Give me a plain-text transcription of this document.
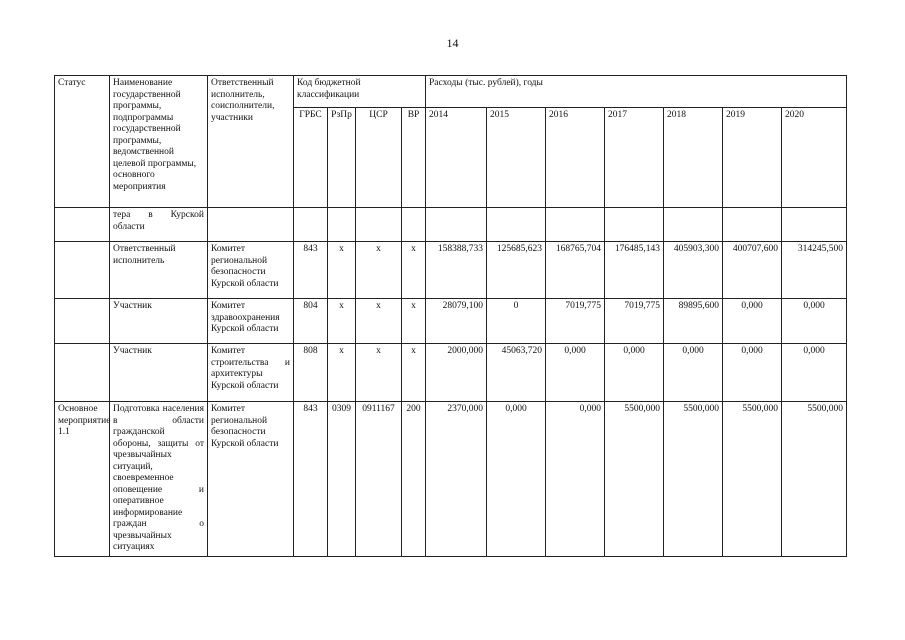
14
Статус	Наименование государственной программы, подпрограммы государственной программы, ведомственной целевой программы, основного мероприятия	Ответственный исполнитель, соисполнители, участники	Код бюджетной классификации				Расходы (тыс. рублей), годы						
			ГРБС	РзПр	ЦСР	ВР	2014	2015	2016	2017	2018	2019	2020
	тера в Курской области												
	Ответственный исполнитель	Комитет региональной безопасности Курской области	843	x	x	x	158388,733	125685,623	168765,704	176485,143	405903,300	400707,600	314245,500
	Участник	Комитет здравоохранения Курской области	804	x	x	x	28079,100	0	7019,775	7019,775	89895,600	0,000	0,000
	Участник	Комитет строительства и архитектуры Курской области	808	x	x	x	2000,000	45063,720	0,000	0,000	0,000	0,000	0,000
Основное мероприятие 1.1	Подготовка населения в области гражданской обороны, защиты от чрезвычайных ситуаций, своевременное оповещение и оперативное информирование граждан о чрезвычайных ситуациях	Комитет региональной безопасности Курской области	843	0309	0911167	200	2370,000	0,000	0,000	5500,000	5500,000	5500,000	5500,000
